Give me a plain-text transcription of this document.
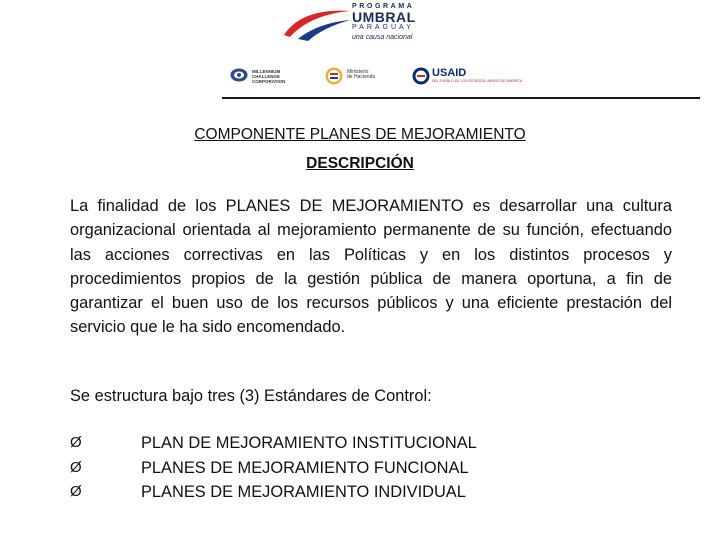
PROGRAMA
UMBRAL
PARAGUAY
una causa nacional
MILLENNIUM
CHALLENGE
CORPORATION
Ministerio
de Hacienda	USAID
DEL PUEBLO DE LOS ESTADOS UNIDOS DE AMERICA
COMPONENTE PLANES DE MEJORAMIENTO
DESCRIPCIÓN
La finalidad de los PLANES DE MEJORAMIENTO es desarrollar una cultura organizacional orientada al mejoramiento permanente de su función, efectuando las acciones correctivas en las Políticas y en los distintos procesos y procedimientos propios de la gestión pública de manera oportuna, a fin de garantizar el buen uso de los recursos públicos y una eficiente prestación del servicio que le ha sido encomendado.
Se estructura bajo tres (3) Estándares de Control:
Ø	PLAN DE MEJORAMIENTO INSTITUCIONAL
Ø	PLANES DE MEJORAMIENTO FUNCIONAL
Ø	PLANES DE MEJORAMIENTO INDIVIDUAL
